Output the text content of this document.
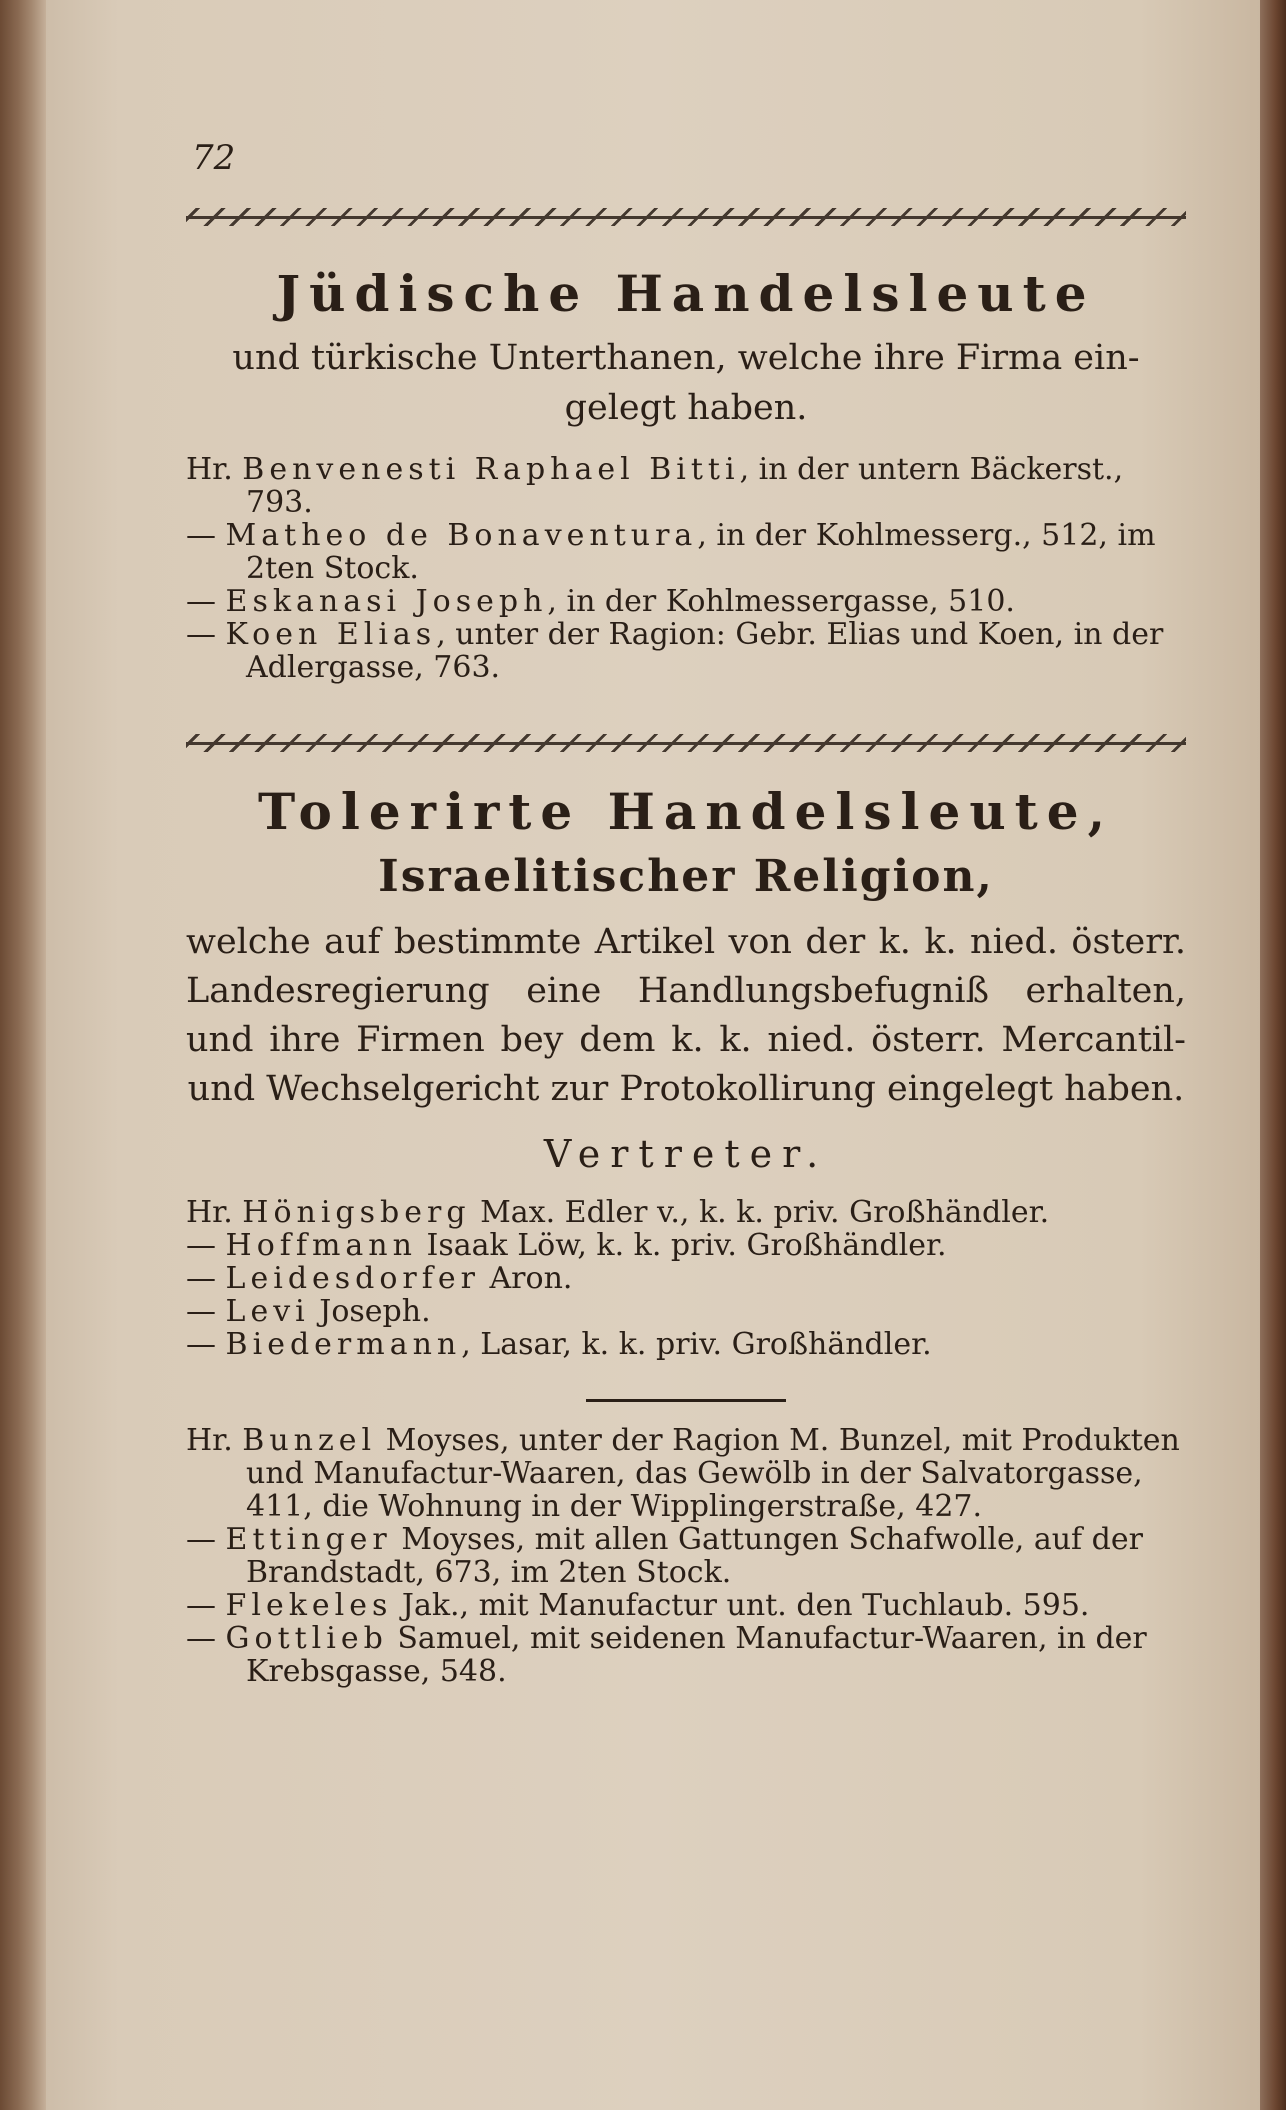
72
Jüdische Handelsleute
und türkische Unterthanen, welche ihre Firma ein-
gelegt haben.

Hr. Benvenesti Raphael Bitti, in der untern Bäckerst., 793.

— Matheo de Bonaventura, in der Kohlmesserg., 512, im 2ten Stock.

— Eskanasi Joseph, in der Kohlmessergasse, 510.

— Koen Elias, unter der Ragion: Gebr. Elias und Koen, in der Adlergasse, 763.

Tolerirte Handelsleute,
Israelitischer Religion,
welche auf bestimmte Artikel von der k. k. nied. österr. Landesregierung eine Handlungsbefugniß erhalten, und ihre Firmen bey dem k. k. nied. österr. Mercantil- und Wechselgericht zur Protokollirung eingelegt haben.
Vertreter.

Hr. Hönigsberg Max. Edler v., k. k. priv. Großhändler.

— Hoffmann Isaak Löw, k. k. priv. Großhändler.

— Leidesdorfer Aron.

— Levi Joseph.

— Biedermann, Lasar, k. k. priv. Großhändler.

Hr. Bunzel Moyses, unter der Ragion M. Bunzel, mit Produkten und Manufactur-Waaren, das Gewölb in der Salvatorgasse, 411, die Wohnung in der Wipplingerstraße, 427.

— Ettinger Moyses, mit allen Gattungen Schafwolle, auf der Brandstadt, 673, im 2ten Stock.

— Flekeles Jak., mit Manufactur unt. den Tuchlaub. 595.

— Gottlieb Samuel, mit seidenen Manufactur-Waaren, in der Krebsgasse, 548.
